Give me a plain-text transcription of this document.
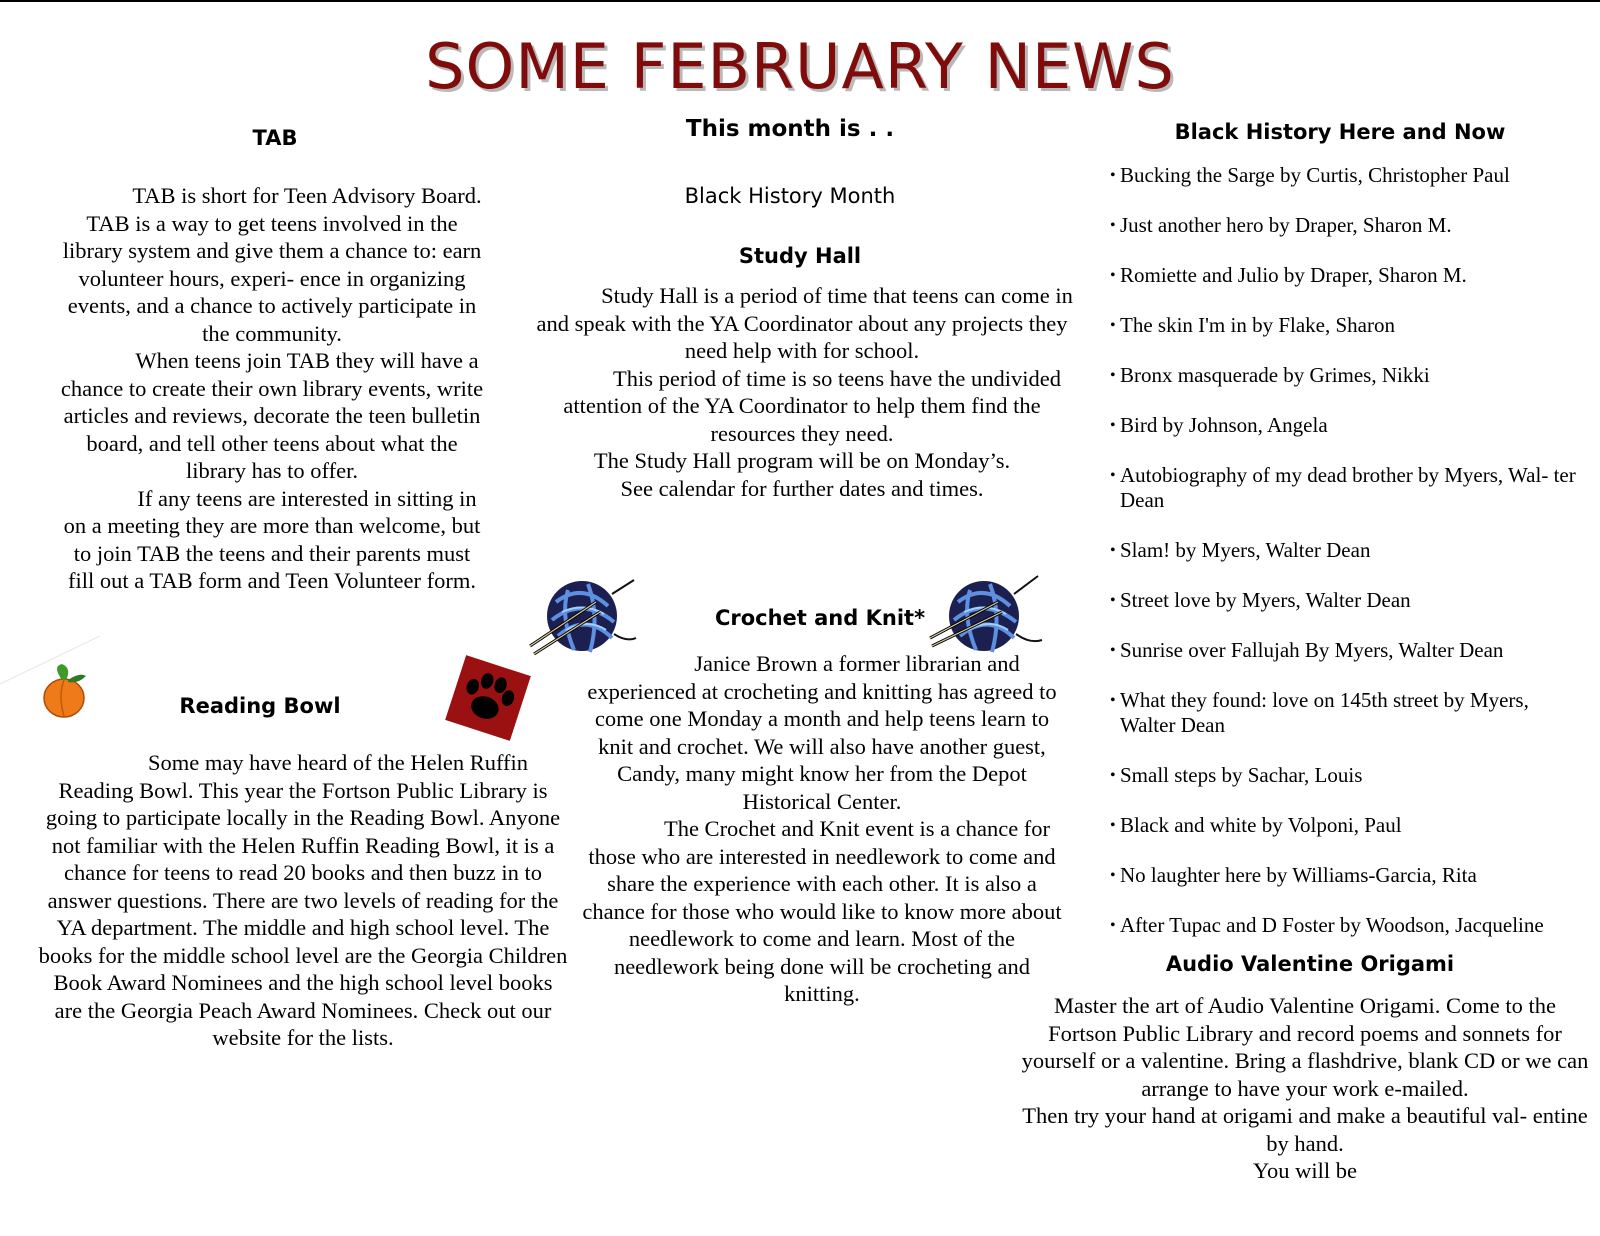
SOME FEBRUARY NEWS
TAB

TAB is short for Teen Advisory Board. TAB is a way to get teens involved in the library system and give them a chance to: earn volunteer hours, experi- ence in organizing events, and a chance to actively participate in the community.

When teens join TAB they will have a chance to create their own library events, write articles and reviews, decorate the teen bulletin board, and tell other teens about what the library has to offer.

If any teens are interested in sitting in on a meeting they are more than welcome, but to join TAB the teens and their parents must fill out a TAB form and Teen Volunteer form.

This month is . .
Black History Month
Study Hall

Study Hall is a period of time that teens can come in and speak with the YA Coordinator about any projects they need help with for school.

This period of time is so teens have the undivided attention of the YA Coordinator to help them find the resources they need.

The Study Hall program will be on Monday’s.

See calendar for further dates and times.

Crochet and Knit*

Janice Brown a former librarian and experienced at crocheting and knitting has agreed to come one Monday a month and help teens learn to knit and crochet. We will also have another guest, Candy, many might know her from the Depot Historical Center.

The Crochet and Knit event is a chance for those who are interested in needlework to come and share the experience with each other. It is also a chance for those who would like to know more about needlework to come and learn. Most of the needlework being done will be crocheting and knitting.

Reading Bowl

Some may have heard of the Helen Ruffin Reading Bowl. This year the Fortson Public Library is going to participate locally in the Reading Bowl. Anyone not familiar with the Helen Ruffin Reading Bowl, it is a chance for teens to read 20 books and then buzz in to answer questions. There are two levels of reading for the YA department. The middle and high school level. The books for the middle school level are the Georgia Children Book Award Nominees and the high school level books are the Georgia Peach Award Nominees. Check out our website for the lists.

Black History Here and Now
• Bucking the Sarge by Curtis, Christopher Paul
• Just another hero by Draper, Sharon M.
• Romiette and Julio by Draper, Sharon M.
• The skin I'm in by Flake, Sharon
• Bronx masquerade by Grimes, Nikki
• Bird by Johnson, Angela
• Autobiography of my dead brother by Myers, Wal- ter Dean
• Slam! by Myers, Walter Dean
• Street love by Myers, Walter Dean
• Sunrise over Fallujah By Myers, Walter Dean
• What they found: love on 145th street by Myers, Walter Dean
• Small steps by Sachar, Louis
• Black and white by Volponi, Paul
• No laughter here by Williams-Garcia, Rita
• After Tupac and D Foster by Woodson, Jacqueline
Audio Valentine Origami

Master the art of Audio Valentine Origami. Come to the Fortson Public Library and record poems and sonnets for yourself or a valentine. Bring a flashdrive, blank CD or we can arrange to have your work e-mailed.

Then try your hand at origami and make a beautiful val- entine by hand.

You will be
